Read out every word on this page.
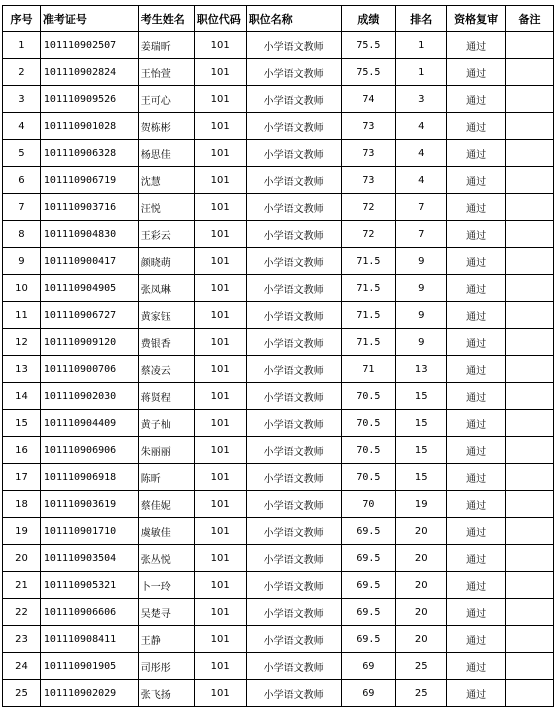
序号	准考证号	考生姓名	职位代码	职位名称	成绩	排名	资格复审	备注
1	101110902507	姜瑞昕	101	小学语文教师	75.5	1	通过	
2	101110902824	王怡萱	101	小学语文教师	75.5	1	通过	
3	101110909526	王可心	101	小学语文教师	74	3	通过	
4	101110901028	贺栋彬	101	小学语文教师	73	4	通过	
5	101110906328	杨思佳	101	小学语文教师	73	4	通过	
6	101110906719	沈慧	101	小学语文教师	73	4	通过	
7	101110903716	汪悦	101	小学语文教师	72	7	通过	
8	101110904830	王彩云	101	小学语文教师	72	7	通过	
9	101110900417	颜晓萌	101	小学语文教师	71.5	9	通过	
10	101110904905	张凤琳	101	小学语文教师	71.5	9	通过	
11	101110906727	黄家钰	101	小学语文教师	71.5	9	通过	
12	101110909120	费银香	101	小学语文教师	71.5	9	通过	
13	101110900706	蔡凌云	101	小学语文教师	71	13	通过	
14	101110902030	蒋贤程	101	小学语文教师	70.5	15	通过	
15	101110904409	黄子杣	101	小学语文教师	70.5	15	通过	
16	101110906906	朱丽丽	101	小学语文教师	70.5	15	通过	
17	101110906918	陈昕	101	小学语文教师	70.5	15	通过	
18	101110903619	蔡佳妮	101	小学语文教师	70	19	通过	
19	101110901710	虞敏佳	101	小学语文教师	69.5	20	通过	
20	101110903504	张丛悦	101	小学语文教师	69.5	20	通过	
21	101110905321	卜一玲	101	小学语文教师	69.5	20	通过	
22	101110906606	吴楚寻	101	小学语文教师	69.5	20	通过	
23	101110908411	王静	101	小学语文教师	69.5	20	通过	
24	101110901905	司彤彤	101	小学语文教师	69	25	通过	
25	101110902029	张飞扬	101	小学语文教师	69	25	通过	
